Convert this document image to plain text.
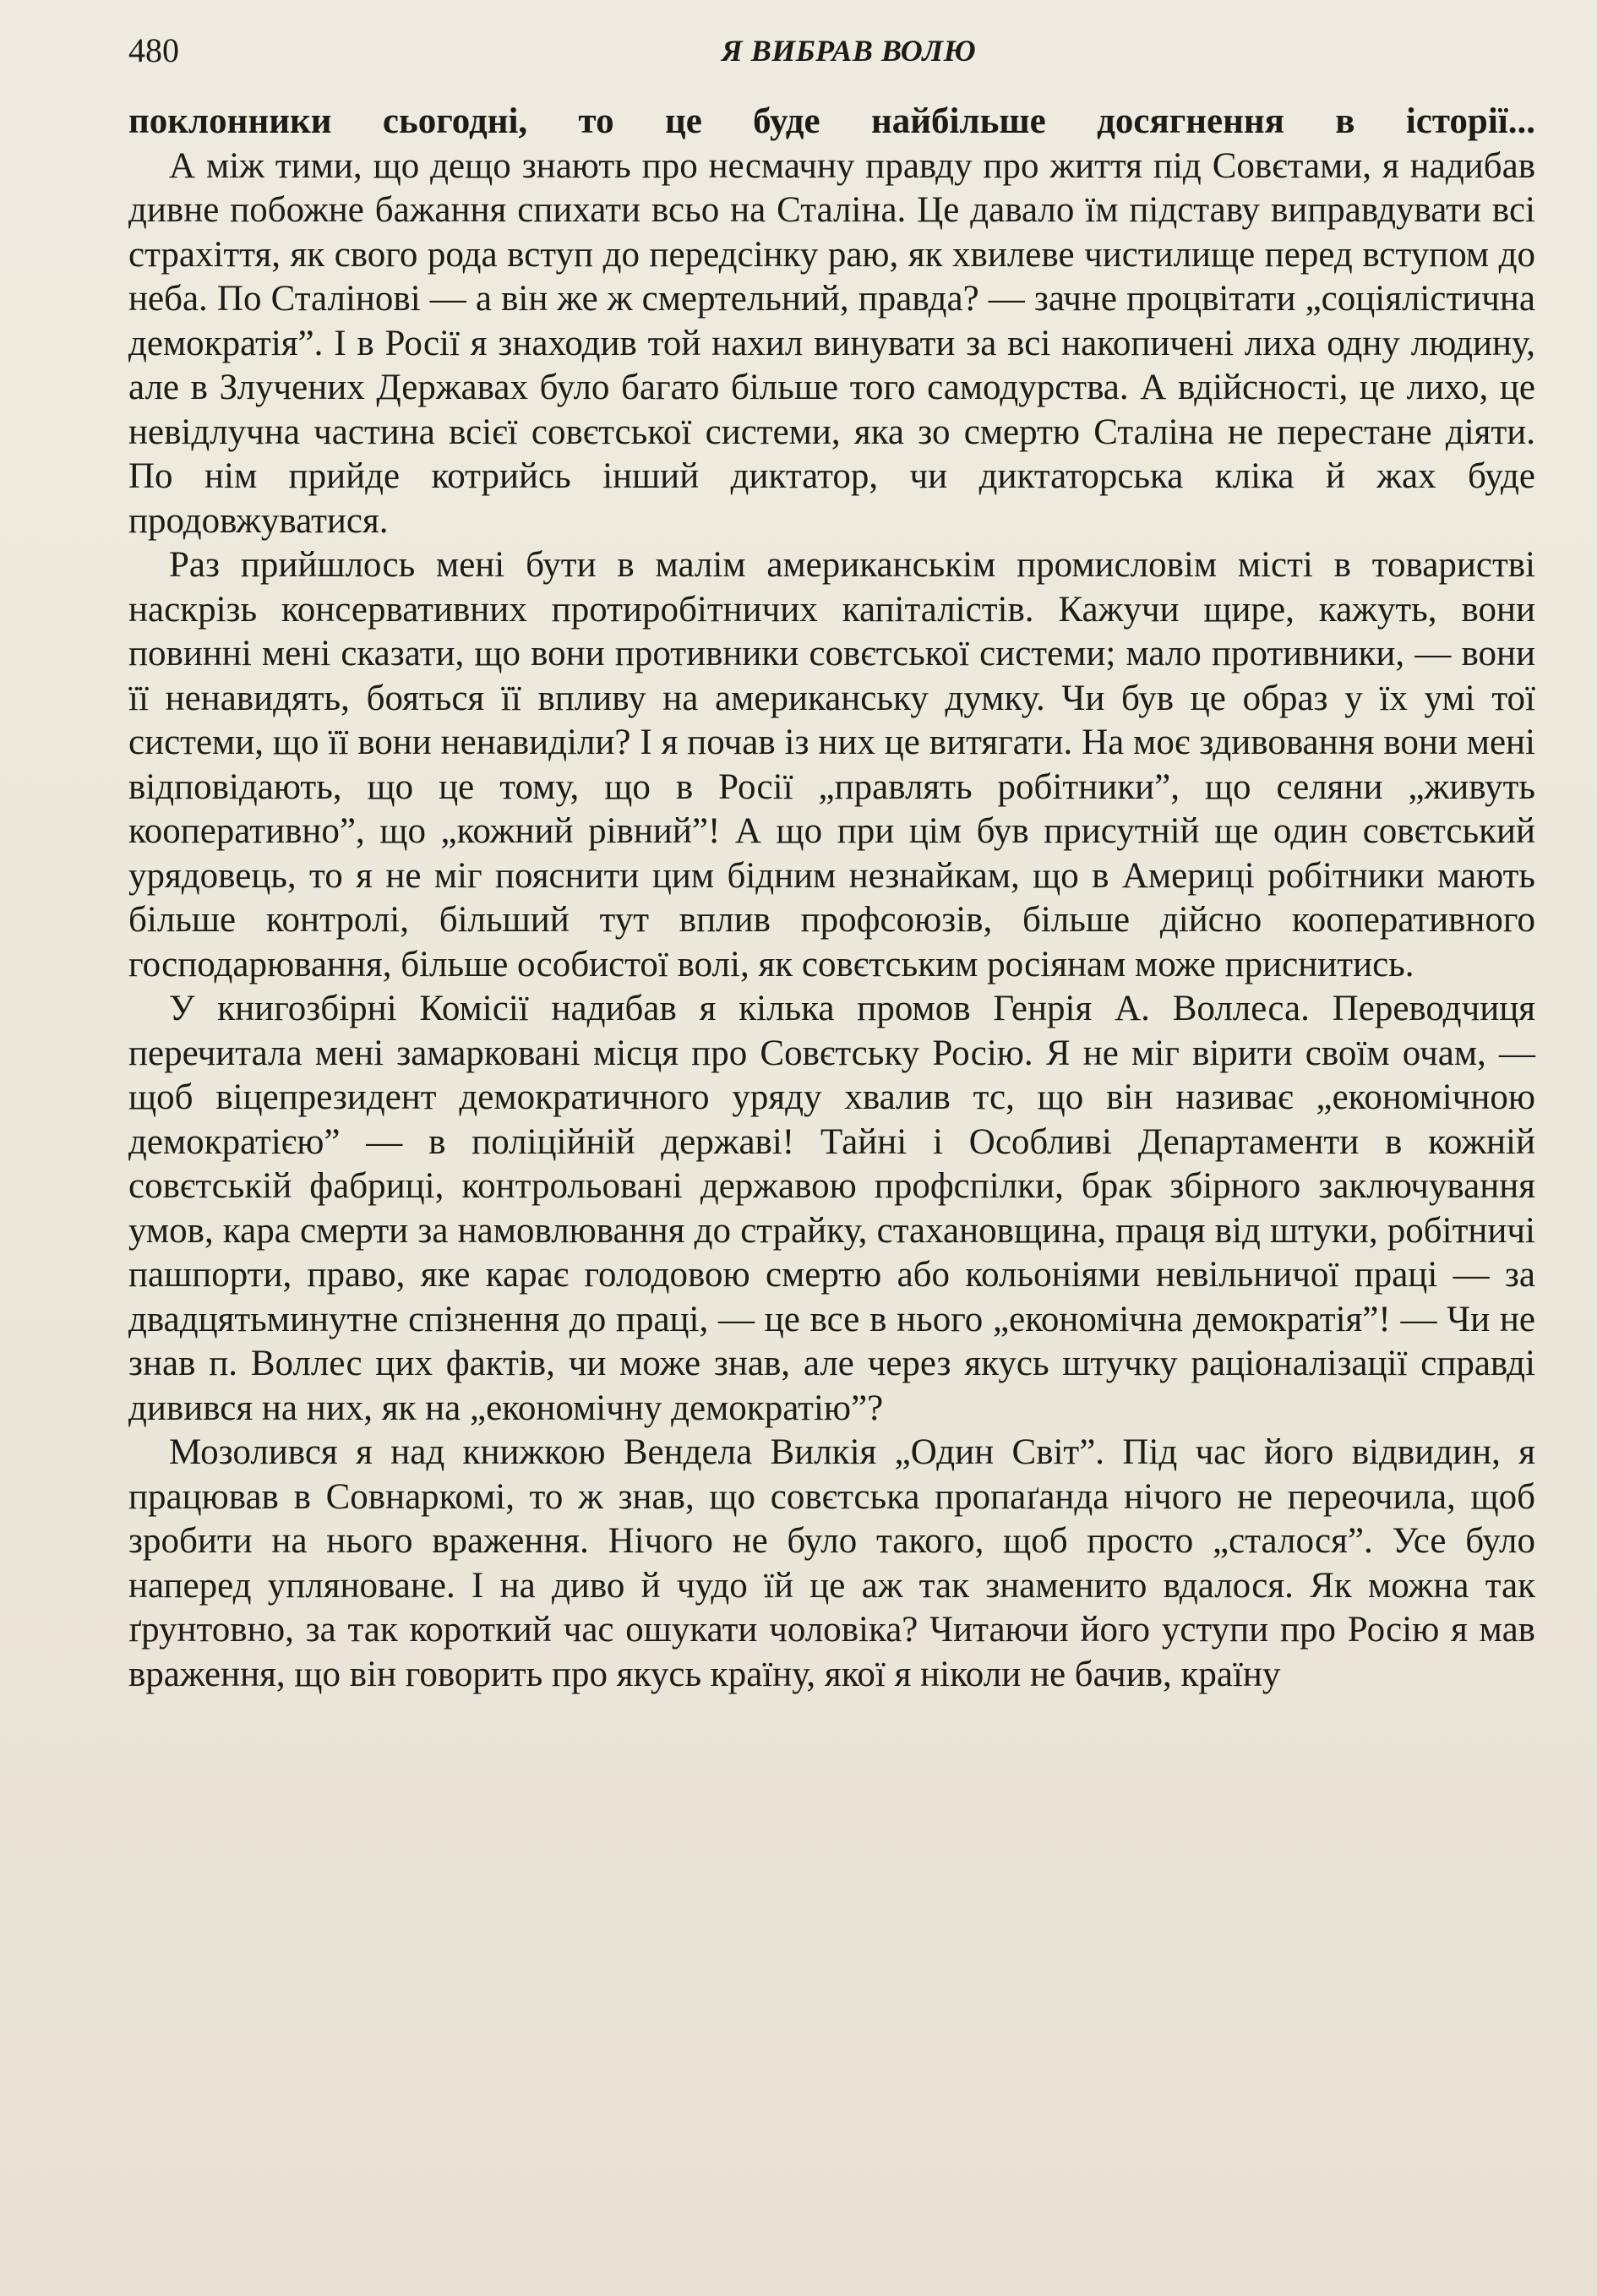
480	Я ВИБРАВ ВОЛЮ

поклонники сьогодні, то це буде найбільше досягнення в історії...

А між тими, що дещо знають про несмачну правду про життя під Совєтами, я надибав дивне побожне бажання спихати всьо на Сталіна. Це давало їм підставу виправдувати всі страхіття, як свого рода вступ до передсінку раю, як хвилеве чистилище перед вступом до неба. По Сталінові — а він же ж смертельний, правда? — зачне процвітати „соціялістична демократія”. І в Росії я знаходив той нахил винувати за всі накопичені лиха одну людину, але в Злучених Державах було багато більше того самодурства. А вдійсності, це лихо, це невідлучна частина всієї совєтської системи, яка зо смертю Сталіна не перестане діяти. По нім прийде котрийсь інший диктатор, чи диктаторська кліка й жах буде продовжуватися.

Раз прийшлось мені бути в малім американськім промисловім місті в товаристві наскрізь консервативних протиробітничих капіталістів. Кажучи щире, кажуть, вони повинні мені сказати, що вони противники совєтської системи; мало противники, — вони її ненавидять, бояться її впливу на американську думку. Чи був це образ у їх умі тої системи, що її вони ненавиділи? І я почав із них це витягати. На моє здивовання вони мені відповідають, що це тому, що в Росії „правлять робітники”, що селяни „живуть кооперативно”, що „кожний рівний”! А що при цім був присутній ще один совєтський урядовець, то я не міг пояснити цим бідним незнайкам, що в Америці робітники мають більше контролі, більший тут вплив профсоюзів, більше дійсно кооперативного господарювання, більше особистої волі, як совєтським росіянам може приснитись.

У книгозбірні Комісії надибав я кілька промов Генрія А. Воллеса. Переводчиця перечитала мені замарковані місця про Совєтську Росію. Я не міг вірити своїм очам, — щоб віцепрезидент демократичного уряду хвалив тс, що він називає „економічною демократією” — в поліційній державі! Тайні і Особливі Департаменти в кожній совєтській фабриці, контрольовані державою профспілки, брак збірного заключування умов, кара смерти за намовлювання до страйку, стахановщина, праця від штуки, робітничі пашпорти, право, яке карає голодовою смертю або кольоніями невільничої праці — за двадцятьминутне спізнення до праці, — це все в нього „економічна демократія”! — Чи не знав п. Воллес цих фактів, чи може знав, але через якусь штучку раціоналізації справді дивився на них, як на „економічну демократію”?

Мозолився я над книжкою Вендела Вилкія „Один Світ”. Під час його відвидин, я працював в Совнаркомі, то ж знав, що совєтська пропаґанда нічого не переочила, щоб зробити на нього враження. Нічого не було такого, щоб просто „сталося”. Усе було наперед упляноване. І на диво й чудо їй це аж так знаменито вдалося. Як можна так ґрунтовно, за так короткий час ошукати чоловіка? Читаючи його уступи про Росію я мав враження, що він говорить про якусь країну, якої я ніколи не бачив, країну
